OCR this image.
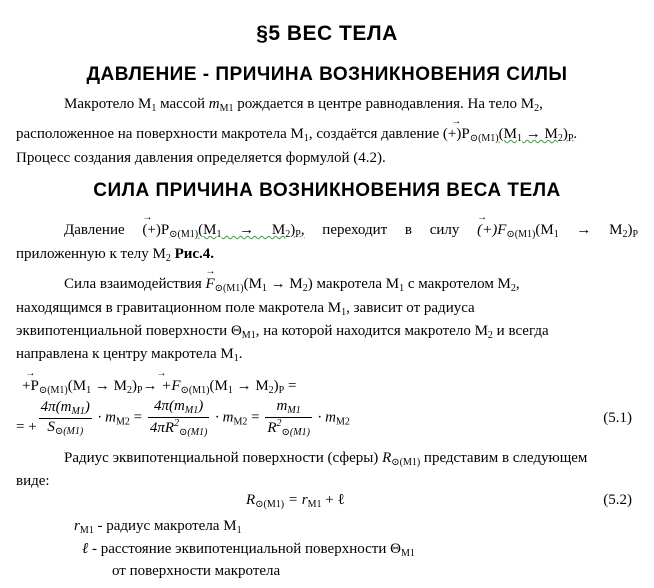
§5 ВЕС ТЕЛА
ДАВЛЕНИЕ - ПРИЧИНА ВОЗНИКНОВЕНИЯ СИЛЫ
Макротело $M_1$ массой $m_{M1}$ рождается в центре равнодавления. На тело $M_2$,
расположенное на поверхности макротела $M_1$, создаётся давление → $(+)P_{⊙(M1)}(M_1 \to M_2)_P$.
Процесс создания давления определяется формулой (4.2).
СИЛА ПРИЧИНА ВОЗНИКНОВЕНИЯ ВЕСА ТЕЛА
Давление → $(+)P_{⊙(M1)}(M_1 \to M_2)_P$, переходит в силу → $(+)F_{⊙(M1)}(M_1 \to M_2)_P$
приложенную к телу $M_2$ Рис.4.
Сила взаимодействия → $F_{⊙(M1)}(M_1 \to M_2)$ макротела $M_1$ с макротелом $M_2$,
находящимся в гравитационном поле макротела $M_1$, зависит от радиуса
эквипотенциальной поверхности $\Theta_{M1}$, на которой находится макротело $M_2$ и всегда
направлена к центру макротела $M_1$.
→ $+P_{⊙(M1)}(M_1 \to M_2)_P\to \to +F_{⊙(M1)}(M_1 \to M_2)_P$ =
= + $\frac{4\pi(m_{M1})}{S_{⊙(M1)}} \cdot m_{M2} = \frac{4\pi(m_{M1})}{4\pi R^2_{⊙(M1)}} \cdot m_{M2} = \frac{m_{M1}}{R^2_{⊙(M1)}} \cdot m_{M2}$	(5.1)
Радиус эквипотенциальной поверхности (сферы) $R_{⊙(M1)}$ представим в следующем
виде:
$R_{⊙(M1)} = r_{M1}$ + ℓ	(5.2)
$r_{M1}$ - радиус макротела $M_1$
ℓ - расстояние эквипотенциальной поверхности $\Theta_{M1}$
от поверхности макротела
